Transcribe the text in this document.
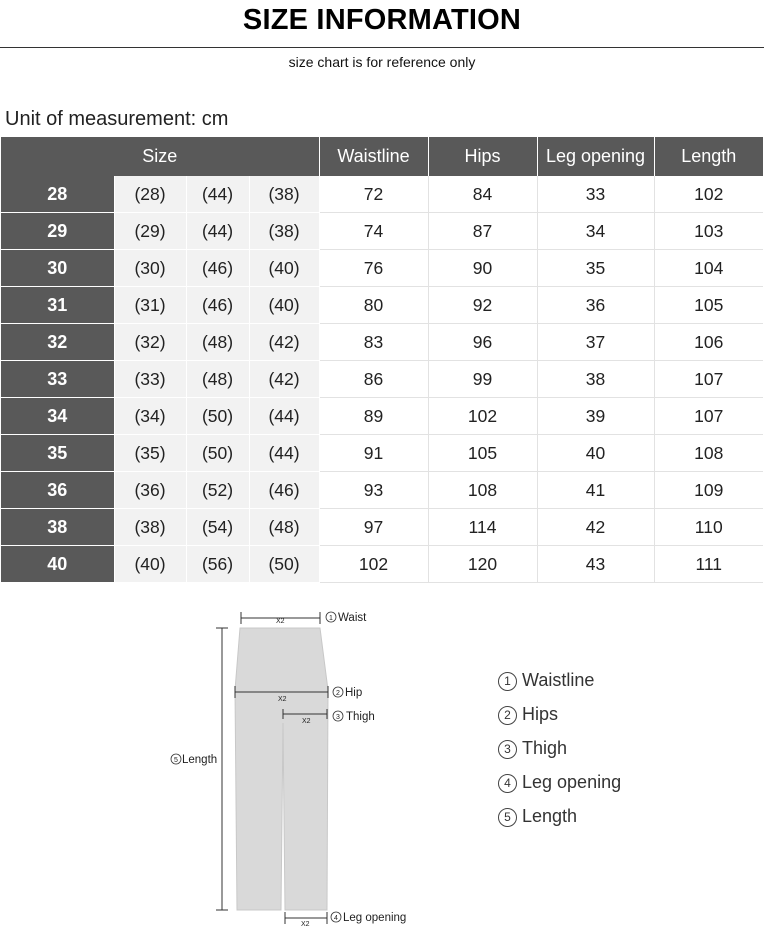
SIZE INFORMATION
size chart is for reference only
Unit of measurement: cm
Size				Waistline	Hips	Leg opening	Length
28	(28)	(44)	(38)	72	84	33	102
29	(29)	(44)	(38)	74	87	34	103
30	(30)	(46)	(40)	76	90	35	104
31	(31)	(46)	(40)	80	92	36	105
32	(32)	(48)	(42)	83	96	37	106
33	(33)	(48)	(42)	86	99	38	107
34	(34)	(50)	(44)	89	102	39	107
35	(35)	(50)	(44)	91	105	40	108
36	(36)	(52)	(46)	93	108	41	109
38	(38)	(54)	(48)	97	114	42	110
40	(40)	(56)	(50)	102	120	43	111
X2	1 Waist
X2
2 Hip
X2
3 Thigh
5 Length
X2
4 Leg opening
1 Waistline
2 Hips
3 Thigh
4 Leg opening
5 Length
